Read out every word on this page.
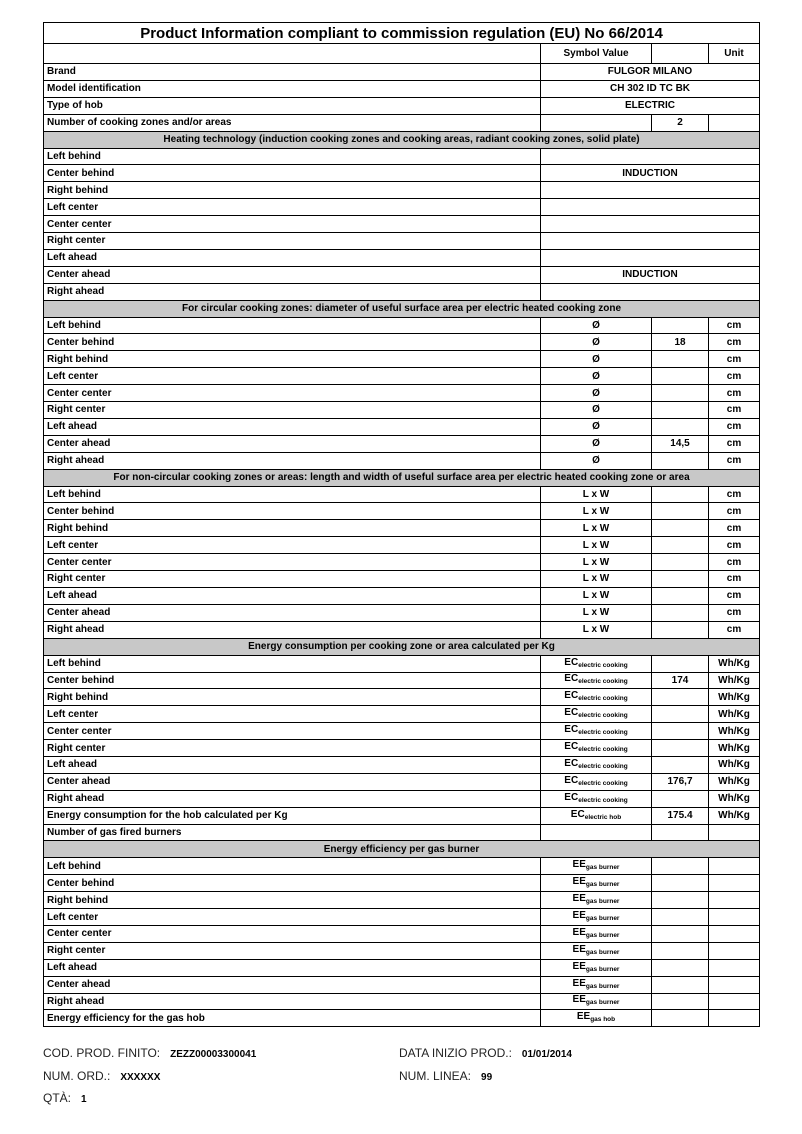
Product Information compliant to commission regulation (EU) No 66/2014			
	Symbol Value		Unit
Brand	FULGOR MILANO		
Model identification	CH 302 ID TC BK		
Type of hob	ELECTRIC		
Number of cooking zones and/or areas		2	
Heating technology (induction cooking zones and cooking areas, radiant cooking zones, solid plate)			
Left behind			
Center behind	INDUCTION		
Right behind			
Left center			
Center center			
Right center			
Left ahead			
Center ahead	INDUCTION		
Right ahead			
For circular cooking zones: diameter of useful surface area per electric heated cooking zone			
Left behind	Ø		cm
Center behind	Ø	18	cm
Right behind	Ø		cm
Left center	Ø		cm
Center center	Ø		cm
Right center	Ø		cm
Left ahead	Ø		cm
Center ahead	Ø	14,5	cm
Right ahead	Ø		cm
For non-circular cooking zones or areas: length and width of useful surface area per electric heated cooking zone or area			
Left behind	L x W		cm
Center behind	L x W		cm
Right behind	L x W		cm
Left center	L x W		cm
Center center	L x W		cm
Right center	L x W		cm
Left ahead	L x W		cm
Center ahead	L x W		cm
Right ahead	L x W		cm
Energy consumption per cooking zone or area calculated per Kg			
Left behind	$EC_{electric cooking}$		Wh/Kg
Center behind	$EC_{electric cooking}$	174	Wh/Kg
Right behind	$EC_{electric cooking}$		Wh/Kg
Left center	$EC_{electric cooking}$		Wh/Kg
Center center	$EC_{electric cooking}$		Wh/Kg
Right center	$EC_{electric cooking}$		Wh/Kg
Left ahead	$EC_{electric cooking}$		Wh/Kg
Center ahead	$EC_{electric cooking}$	176,7	Wh/Kg
Right ahead	$EC_{electric cooking}$		Wh/Kg
Energy consumption for the hob calculated per Kg	$EC_{electric hob}$	175.4	Wh/Kg
Number of gas fired burners			
Energy efficiency per gas burner			
Left behind	$EE_{gas burner}$		
Center behind	$EE_{gas burner}$		
Right behind	$EE_{gas burner}$		
Left center	$EE_{gas burner}$		
Center center	$EE_{gas burner}$		
Right center	$EE_{gas burner}$		
Left ahead	$EE_{gas burner}$		
Center ahead	$EE_{gas burner}$		
Right ahead	$EE_{gas burner}$		
Energy efficiency for the gas hob	$EE_{gas hob}$		
COD. PROD. FINITO: ZEZZ00003300041	DATA INIZIO PROD.: 01/01/2014
NUM. ORD.: XXXXXX	NUM. LINEA: 99
QTÀ: 1
